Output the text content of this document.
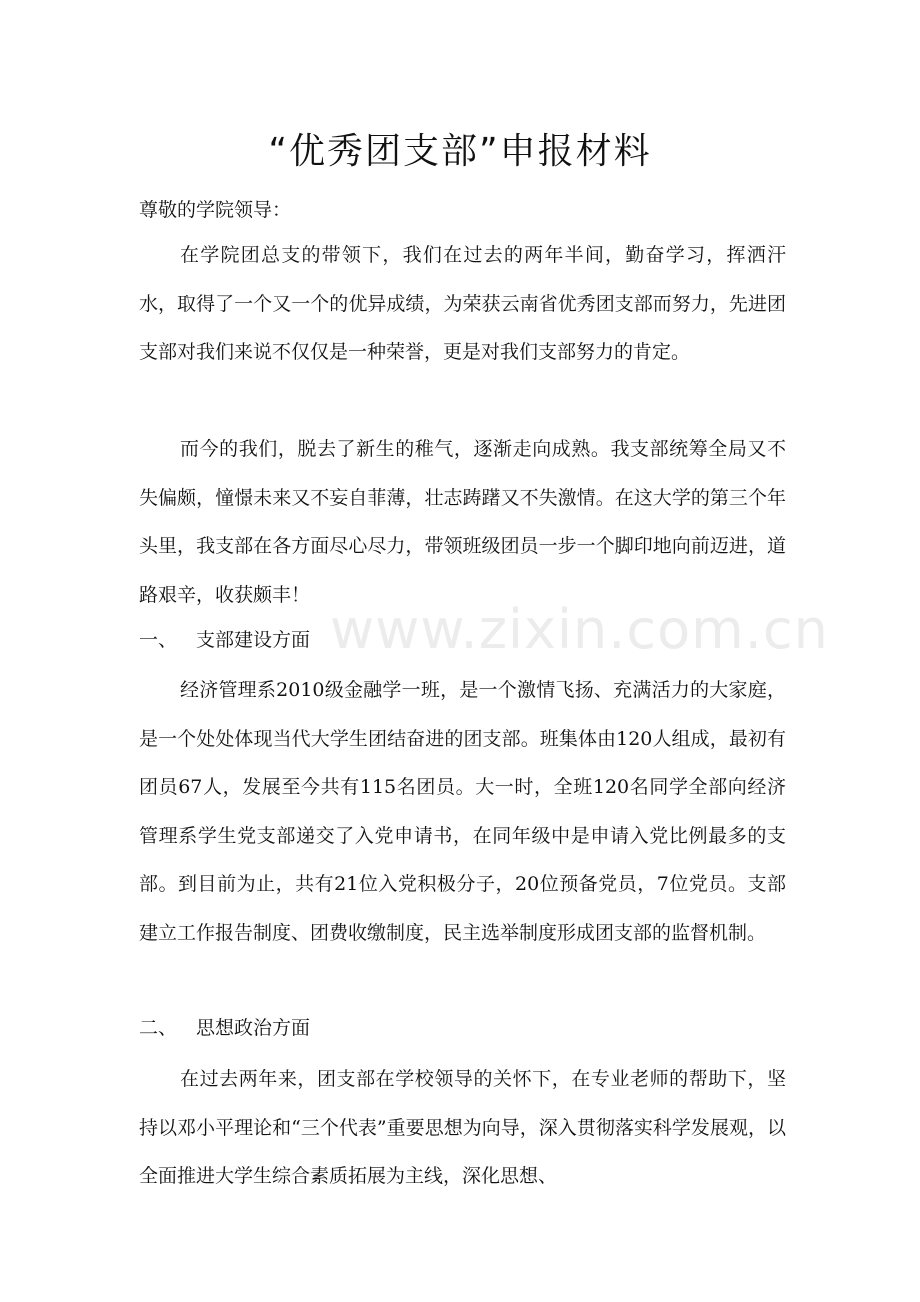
“优秀团支部”申报材料
尊敬的学院领导：

在学院团总支的带领下，我们在过去的两年半间，勤奋学习，挥洒汗水，取得了一个又一个的优异成绩，为荣获云南省优秀团支部而努力，先进团支部对我们来说不仅仅是一种荣誉，更是对我们支部努力的肯定。

而今的我们，脱去了新生的稚气，逐渐走向成熟。我支部统筹全局又不失偏颇，憧憬未来又不妄自菲薄，壮志踌躇又不失激情。在这大学的第三个年头里，我支部在各方面尽心尽力，带领班级团员一步一个脚印地向前迈进，道路艰辛，收获颇丰！

一、 支部建设方面

经济管理系2010级金融学一班，是一个激情飞扬、充满活力的大家庭，是一个处处体现当代大学生团结奋进的团支部。班集体由120人组成，最初有团员67人，发展至今共有115名团员。大一时，全班120名同学全部向经济管理系学生党支部递交了入党申请书，在同年级中是申请入党比例最多的支部。到目前为止，共有21位入党积极分子，20位预备党员，7位党员。支部建立工作报告制度、团费收缴制度，民主选举制度形成团支部的监督机制。

二、 思想政治方面

在过去两年来，团支部在学校领导的关怀下，在专业老师的帮助下，坚持以邓小平理论和“三个代表”重要思想为向导，深入贯彻落实科学发展观，以全面推进大学生综合素质拓展为主线，深化思想、

www.zixin.com.cn
